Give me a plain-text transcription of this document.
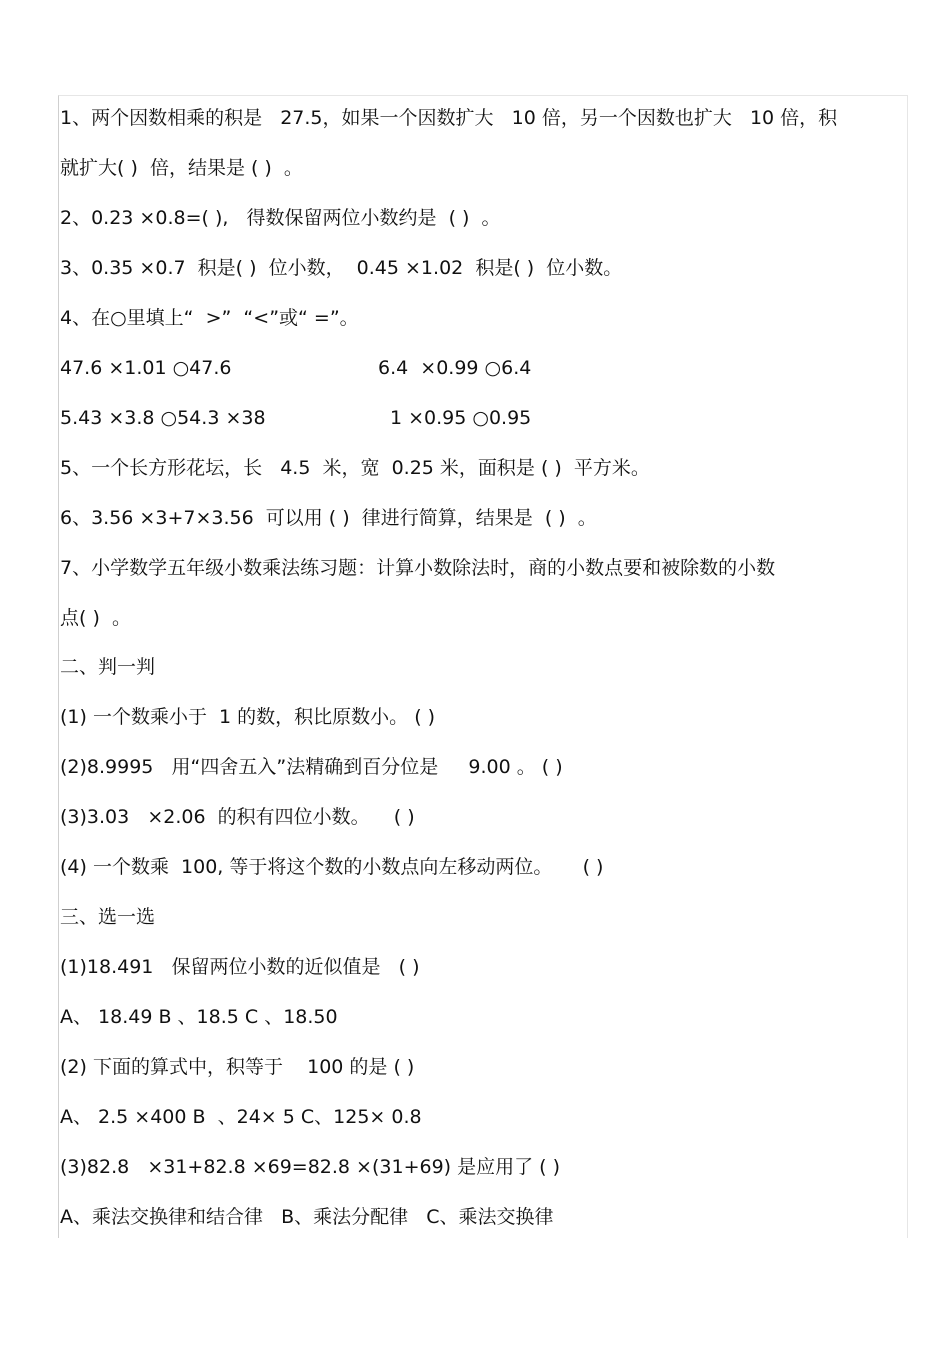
1、两个因数相乘的积是   27.5，如果一个因数扩大   10 倍，另一个因数也扩大   10 倍，积
就扩大( )  倍，结果是 ( )  。
2、0.23 ×0.8=( ),   得数保留两位小数约是  ( )  。
3、0.35 ×0.7  积是( )  位小数，  0.45 ×1.02  积是( )  位小数。
4、在○里填上“  >”  “<”或“ =”。
47.6 ×1.01 ○47.6	6.4  ×0.99 ○6.4
5.43 ×3.8 ○54.3 ×38	1 ×0.95 ○0.95
5、一个长方形花坛，长   4.5  米，宽  0.25 米，面积是 ( )  平方米。
6、3.56 ×3+7×3.56  可以用 ( )  律进行简算，结果是  ( )  。
7、小学数学五年级小数乘法练习题：计算小数除法时，商的小数点要和被除数的小数
点( )  。
二、判一判
(1) 一个数乘小于  1 的数，积比原数小。 ( )
(2)8.9995   用“四舍五入”法精确到百分位是     9.00 。 ( )
(3)3.03   ×2.06  的积有四位小数。    ( )
(4) 一个数乘  100, 等于将这个数的小数点向左移动两位。     ( )
三、选一选
(1)18.491   保留两位小数的近似值是   ( )
A、 18.49 B 、18.5 C 、18.50
(2) 下面的算式中，积等于    100 的是 ( )
A、 2.5 ×400 B  、24× 5 C、125× 0.8
(3)82.8   ×31+82.8 ×69=82.8 ×(31+69) 是应用了 ( )
A、乘法交换律和结合律   B、乘法分配律   C、乘法交换律
